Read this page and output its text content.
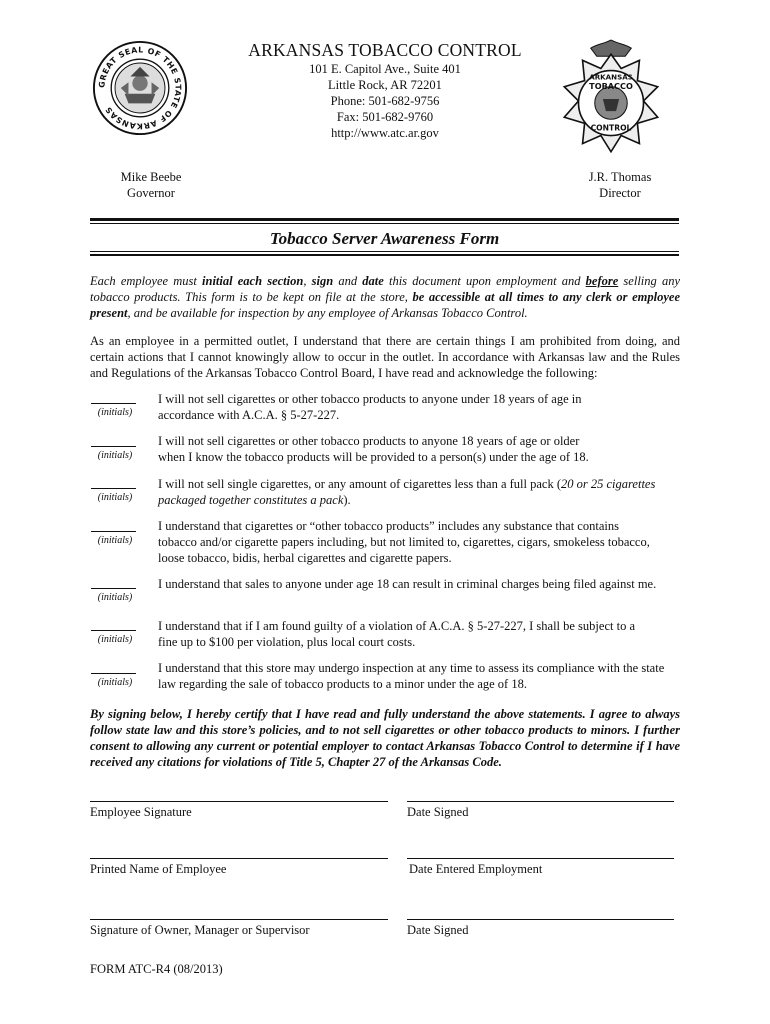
GREAT SEAL OF THE STATE OF ARKANSAS
ARKANSAS
TOBACCO
CONTROL
ARKANSAS TOBACCO CONTROL
101 E. Capitol Ave., Suite 401
Little Rock, AR 72201
Phone: 501-682-9756
Fax: 501-682-9760
http://www.atc.ar.gov
Mike Beebe
Governor
J.R. Thomas
Director
Tobacco Server Awareness Form
Each employee must initial each section, sign and date this document upon employment and before selling any tobacco products. This form is to be kept on file at the store, be accessible at all times to any clerk or employee present, and be available for inspection by any employee of Arkansas Tobacco Control.
As an employee in a permitted outlet, I understand that there are certain things I am prohibited from doing, and certain actions that I cannot knowingly allow to occur in the outlet. In accordance with Arkansas law and the Rules and Regulations of the Arkansas Tobacco Control Board, I have read and acknowledge the following:
(initials)
I will not sell cigarettes or other tobacco products to anyone under 18 years of age in
accordance with A.C.A. § 5-27-227.
(initials)
I will not sell cigarettes or other tobacco products to anyone 18 years of age or older
when I know the tobacco products will be provided to a person(s) under the age of 18.
(initials)
I will not sell single cigarettes, or any amount of cigarettes less than a full pack (20 or 25 cigarettes
packaged together constitutes a pack).
(initials)
I understand that cigarettes or “other tobacco products” includes any substance that contains
tobacco and/or cigarette papers including, but not limited to, cigarettes, cigars, smokeless tobacco,
loose tobacco, bidis, herbal cigarettes and cigarette papers.
(initials)
I understand that sales to anyone under age 18 can result in criminal charges being filed against me.
(initials)
I understand that if I am found guilty of a violation of A.C.A. § 5-27-227, I shall be subject to a
fine up to $100 per violation, plus local court costs.
(initials)
I understand that this store may undergo inspection at any time to assess its compliance with the state
law regarding the sale of tobacco products to a minor under the age of 18.
By signing below, I hereby certify that I have read and fully understand the above statements. I agree to always follow state law and this store’s policies, and to not sell cigarettes or other tobacco products to minors. I further consent to allowing any current or potential employer to contact Arkansas Tobacco Control to determine if I have received any citations for violations of Title 5, Chapter 27 of the Arkansas Code.
Employee Signature	Date Signed
Printed Name of Employee	Date Entered Employment
Signature of Owner, Manager or Supervisor	Date Signed
FORM ATC-R4 (08/2013)
